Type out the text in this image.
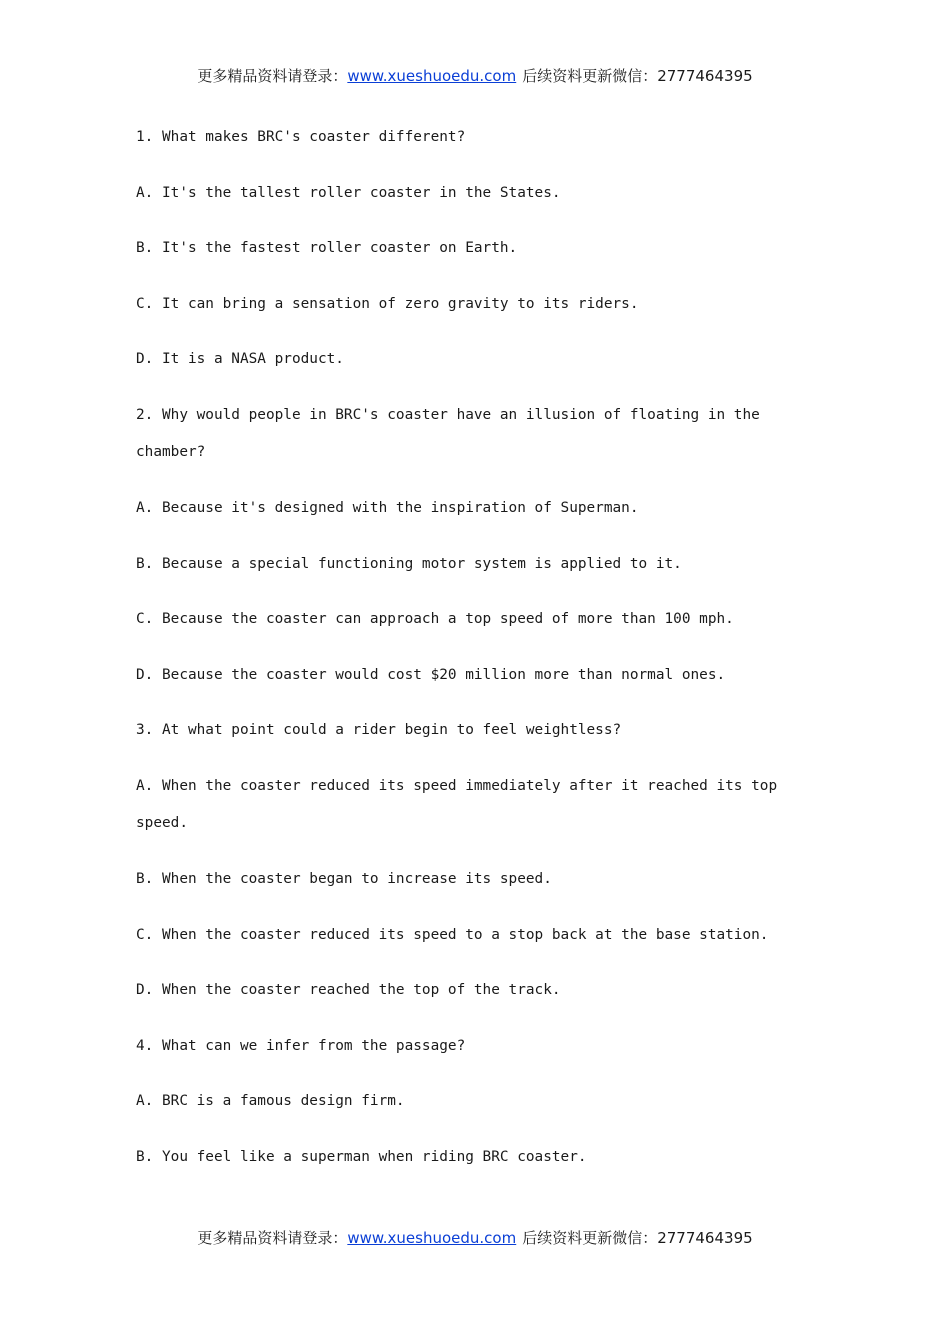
更多精品资料请登录：www.xueshuoedu.com 后续资料更新微信：2777464395
1. What makes BRC's coaster different?
A. It's the tallest roller coaster in the States.
B. It's the fastest roller coaster on Earth.
C. It can bring a sensation of zero gravity to its riders.
D. It is a NASA product.
2. Why would people in BRC's coaster have an illusion of floating in the
chamber?
A. Because it's designed with the inspiration of Superman.
B. Because a special functioning motor system is applied to it.
C. Because the coaster can approach a top speed of more than 100 mph.
D. Because the coaster would cost $20 million more than normal ones.
3. At what point could a rider begin to feel weightless?
A. When the coaster reduced its speed immediately after it reached its top
speed.
B. When the coaster began to increase its speed.
C. When the coaster reduced its speed to a stop back at the base station.
D. When the coaster reached the top of the track.
4. What can we infer from the passage?
A. BRC is a famous design firm.
B. You feel like a superman when riding BRC coaster.
更多精品资料请登录：www.xueshuoedu.com 后续资料更新微信：2777464395
